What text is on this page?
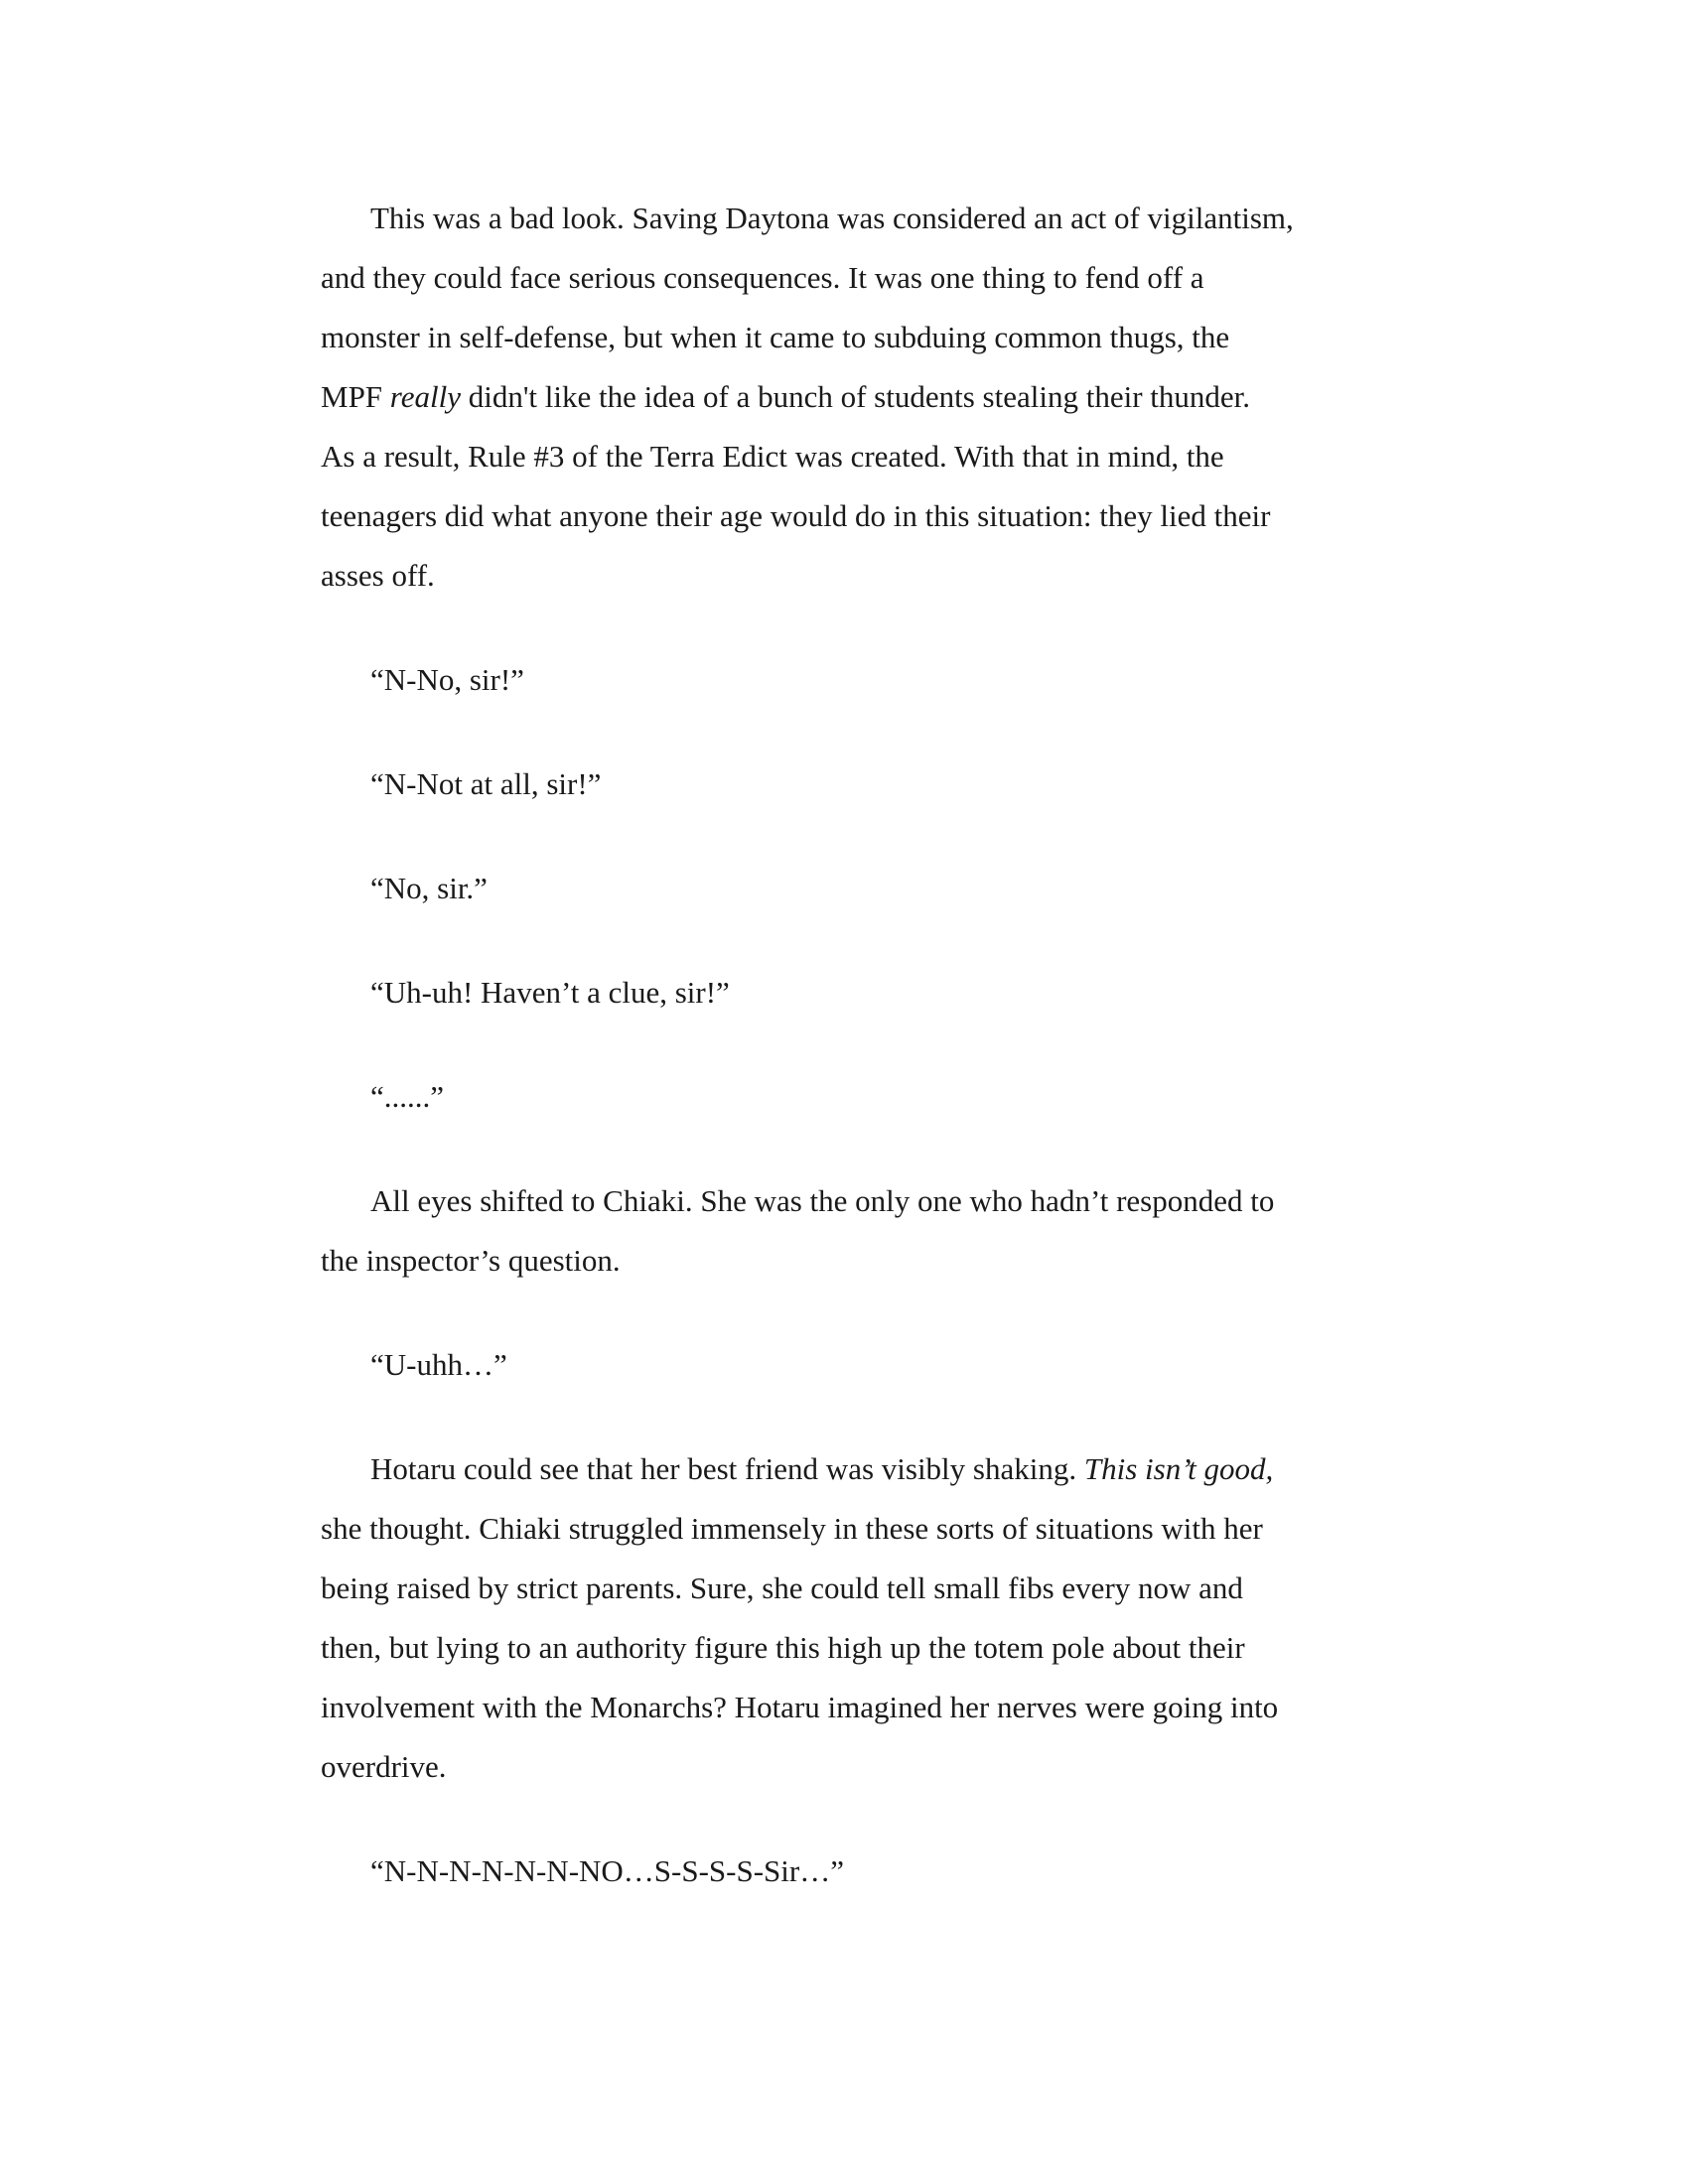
This was a bad look. Saving Daytona was considered an act of vigilantism,
and they could face serious consequences. It was one thing to fend off a
monster in self-defense, but when it came to subduing common thugs, the
MPF really didn't like the idea of a bunch of students stealing their thunder.
As a result, Rule #3 of the Terra Edict was created. With that in mind, the
teenagers did what anyone their age would do in this situation: they lied their
asses off.

“N-No, sir!”

“N-Not at all, sir!”

“No, sir.”

“Uh-uh! Haven’t a clue, sir!”

“......”

All eyes shifted to Chiaki. She was the only one who hadn’t responded to
the inspector’s question.

“U-uhh…”

Hotaru could see that her best friend was visibly shaking. This isn’t good,
she thought. Chiaki struggled immensely in these sorts of situations with her
being raised by strict parents. Sure, she could tell small fibs every now and
then, but lying to an authority figure this high up the totem pole about their
involvement with the Monarchs? Hotaru imagined her nerves were going into
overdrive.

“N-N-N-N-N-N-NO…S-S-S-S-Sir…”
